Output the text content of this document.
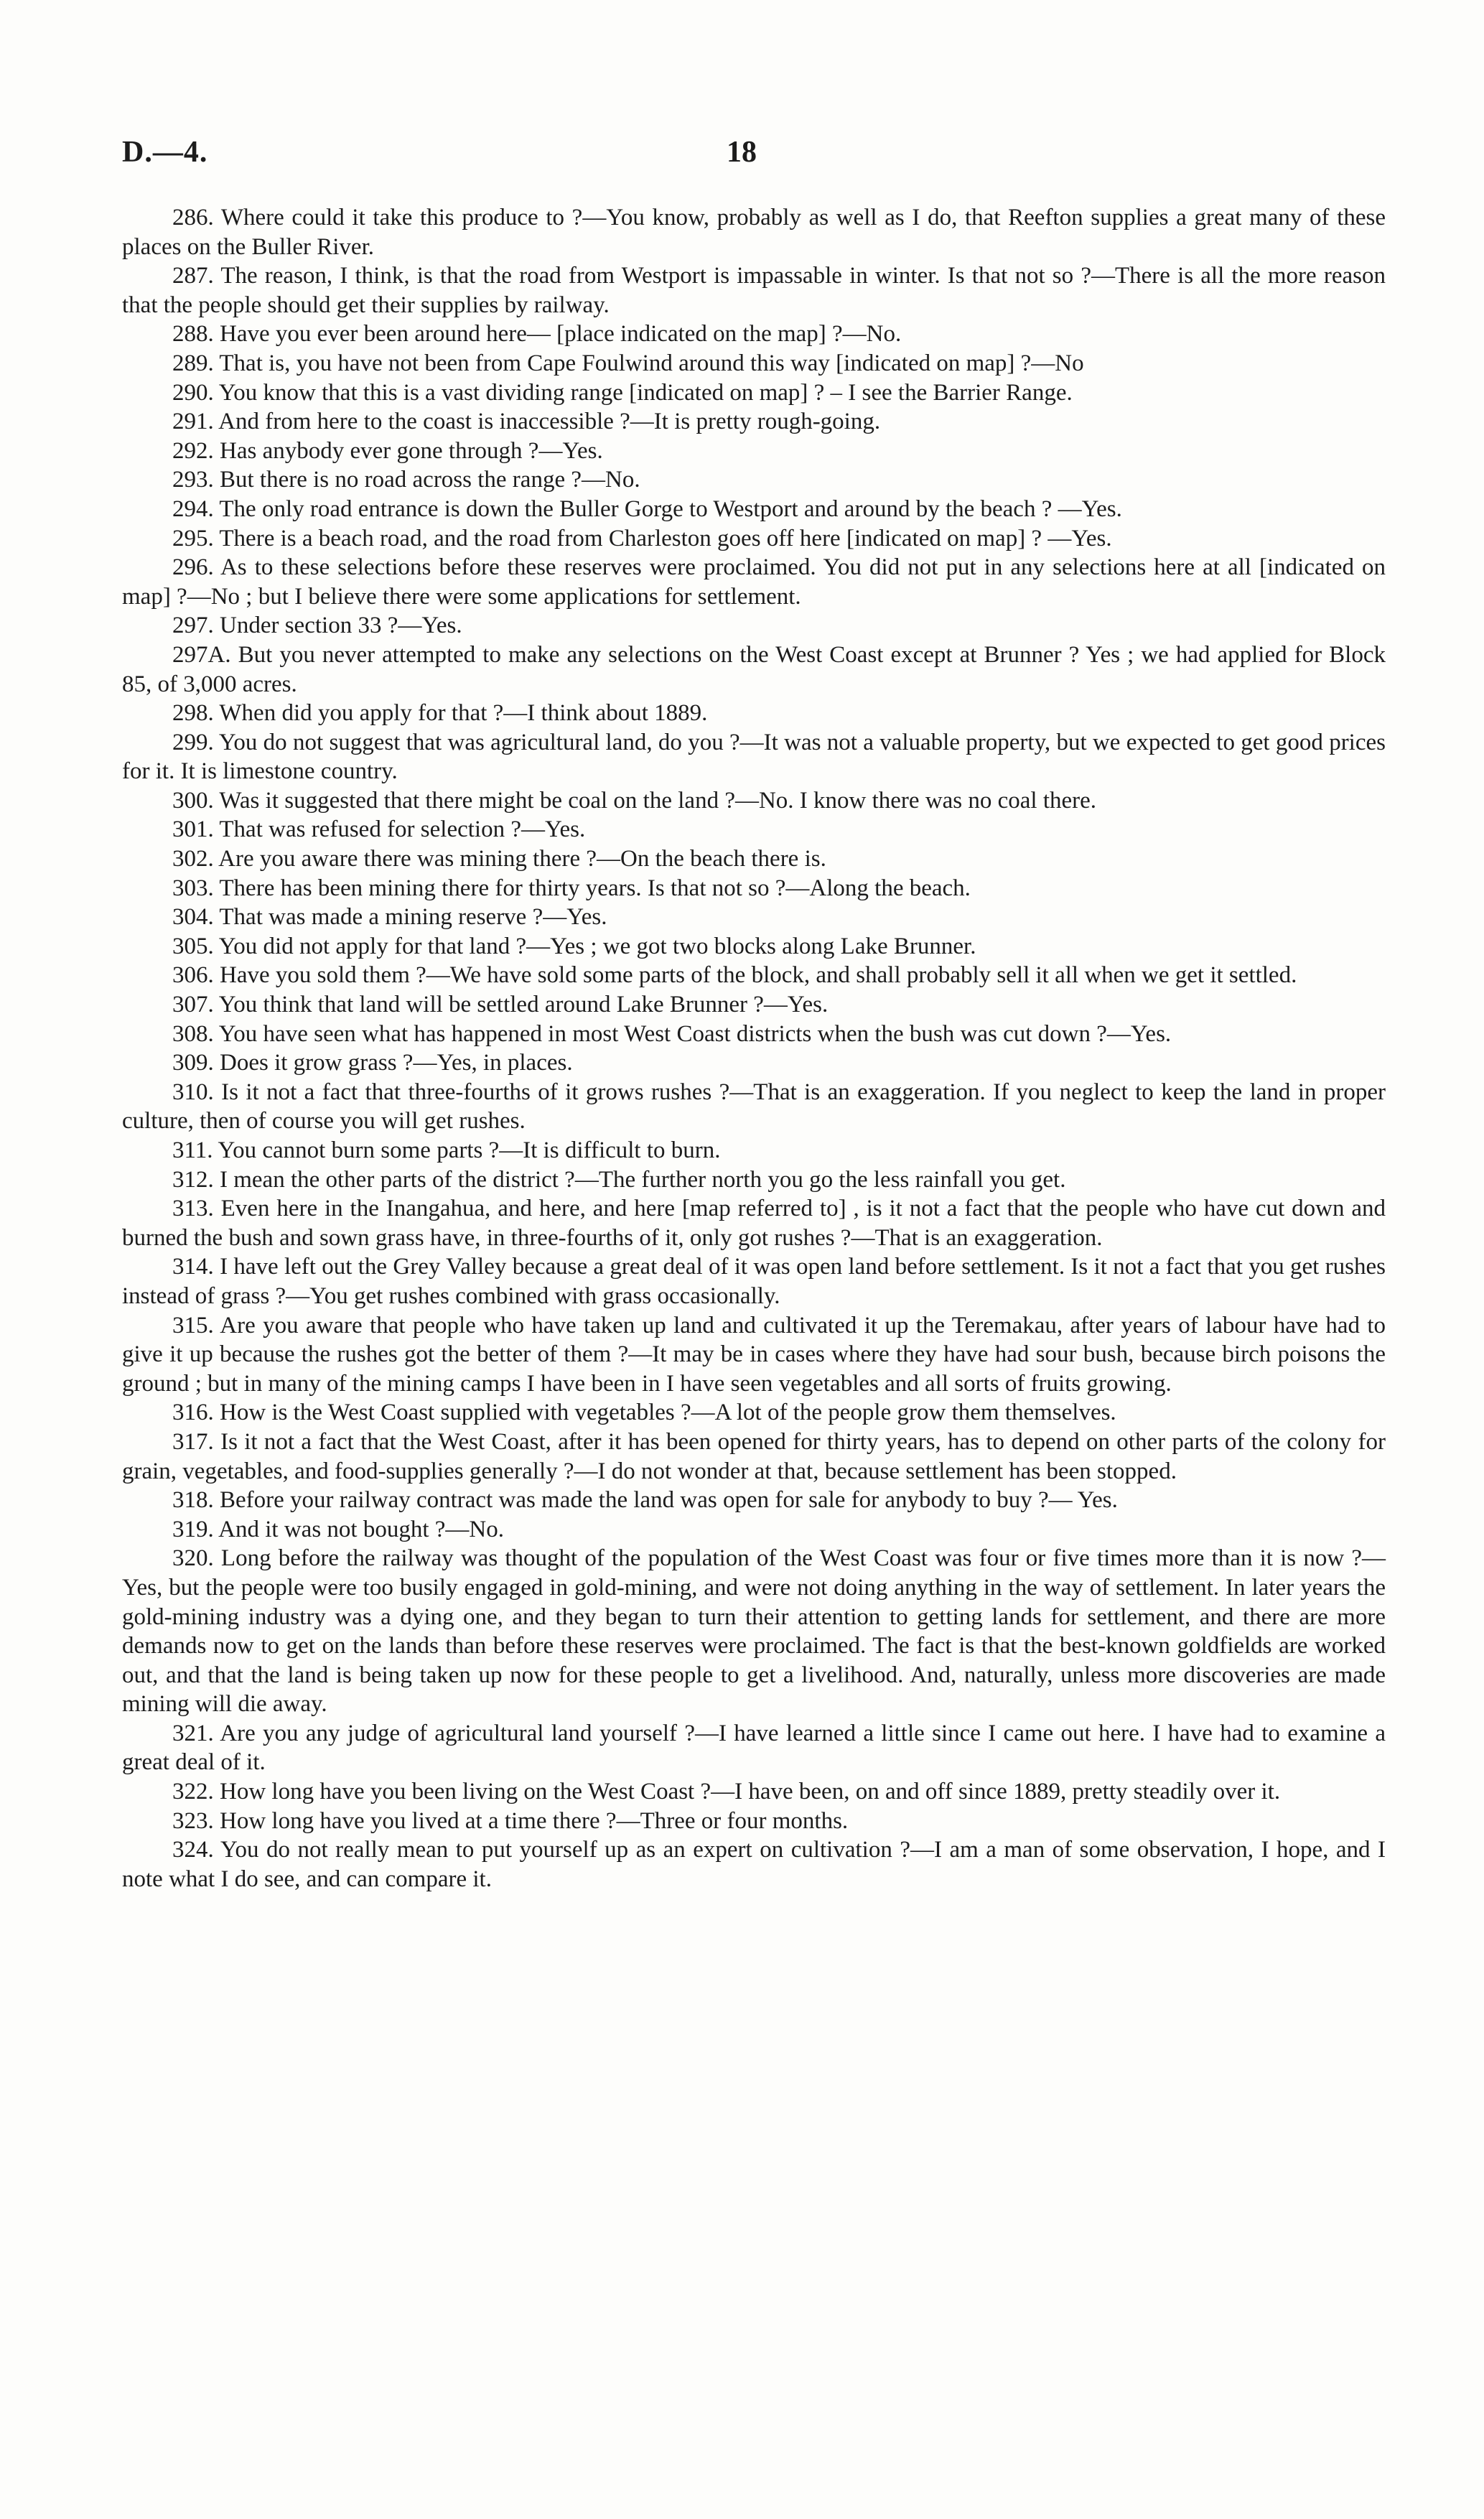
D.—4.	18

286. Where could it take this produce to ?—You know, probably as well as I do, that Reefton supplies a great many of these places on the Buller River.

287. The reason, I think, is that the road from Westport is impassable in winter. Is that not so ?—There is all the more reason that the people should get their supplies by railway.

288. Have you ever been around here— [place indicated on the map] ?—No.

289. That is, you have not been from Cape Foulwind around this way [indicated on map] ?—No

290. You know that this is a vast dividing range [indicated on map] ? – I see the Barrier Range.

291. And from here to the coast is inaccessible ?—It is pretty rough-going.

292. Has anybody ever gone through ?—Yes.

293. But there is no road across the range ?—No.

294. The only road entrance is down the Buller Gorge to Westport and around by the beach ? —Yes.

295. There is a beach road, and the road from Charleston goes off here [indicated on map] ? —Yes.

296. As to these selections before these reserves were proclaimed. You did not put in any selections here at all [indicated on map] ?—No ; but I believe there were some applications for settlement.

297. Under section 33 ?—Yes.

297A. But you never attempted to make any selections on the West Coast except at Brunner ? Yes ; we had applied for Block 85, of 3,000 acres.

298. When did you apply for that ?—I think about 1889.

299. You do not suggest that was agricultural land, do you ?—It was not a valuable property, but we expected to get good prices for it. It is limestone country.

300. Was it suggested that there might be coal on the land ?—No. I know there was no coal there.

301. That was refused for selection ?—Yes.

302. Are you aware there was mining there ?—On the beach there is.

303. There has been mining there for thirty years. Is that not so ?—Along the beach.

304. That was made a mining reserve ?—Yes.

305. You did not apply for that land ?—Yes ; we got two blocks along Lake Brunner.

306. Have you sold them ?—We have sold some parts of the block, and shall probably sell it all when we get it settled.

307. You think that land will be settled around Lake Brunner ?—Yes.

308. You have seen what has happened in most West Coast districts when the bush was cut down ?—Yes.

309. Does it grow grass ?—Yes, in places.

310. Is it not a fact that three-fourths of it grows rushes ?—That is an exaggeration. If you neglect to keep the land in proper culture, then of course you will get rushes.

311. You cannot burn some parts ?—It is difficult to burn.

312. I mean the other parts of the district ?—The further north you go the less rainfall you get.

313. Even here in the Inangahua, and here, and here [map referred to] , is it not a fact that the people who have cut down and burned the bush and sown grass have, in three-fourths of it, only got rushes ?—That is an exaggeration.

314. I have left out the Grey Valley because a great deal of it was open land before settlement. Is it not a fact that you get rushes instead of grass ?—You get rushes combined with grass occasionally.

315. Are you aware that people who have taken up land and cultivated it up the Teremakau, after years of labour have had to give it up because the rushes got the better of them ?—It may be in cases where they have had sour bush, because birch poisons the ground ; but in many of the mining camps I have been in I have seen vegetables and all sorts of fruits growing.

316. How is the West Coast supplied with vegetables ?—A lot of the people grow them themselves.

317. Is it not a fact that the West Coast, after it has been opened for thirty years, has to depend on other parts of the colony for grain, vegetables, and food-supplies generally ?—I do not wonder at that, because settlement has been stopped.

318. Before your railway contract was made the land was open for sale for anybody to buy ?— Yes.

319. And it was not bought ?—No.

320. Long before the railway was thought of the population of the West Coast was four or five times more than it is now ?—Yes, but the people were too busily engaged in gold-mining, and were not doing anything in the way of settlement. In later years the gold-mining industry was a dying one, and they began to turn their attention to getting lands for settlement, and there are more demands now to get on the lands than before these reserves were proclaimed. The fact is that the best-known goldfields are worked out, and that the land is being taken up now for these people to get a livelihood. And, naturally, unless more discoveries are made mining will die away.

321. Are you any judge of agricultural land yourself ?—I have learned a little since I came out here. I have had to examine a great deal of it.

322. How long have you been living on the West Coast ?—I have been, on and off since 1889, pretty steadily over it.

323. How long have you lived at a time there ?—Three or four months.

324. You do not really mean to put yourself up as an expert on cultivation ?—I am a man of some observation, I hope, and I note what I do see, and can compare it.
